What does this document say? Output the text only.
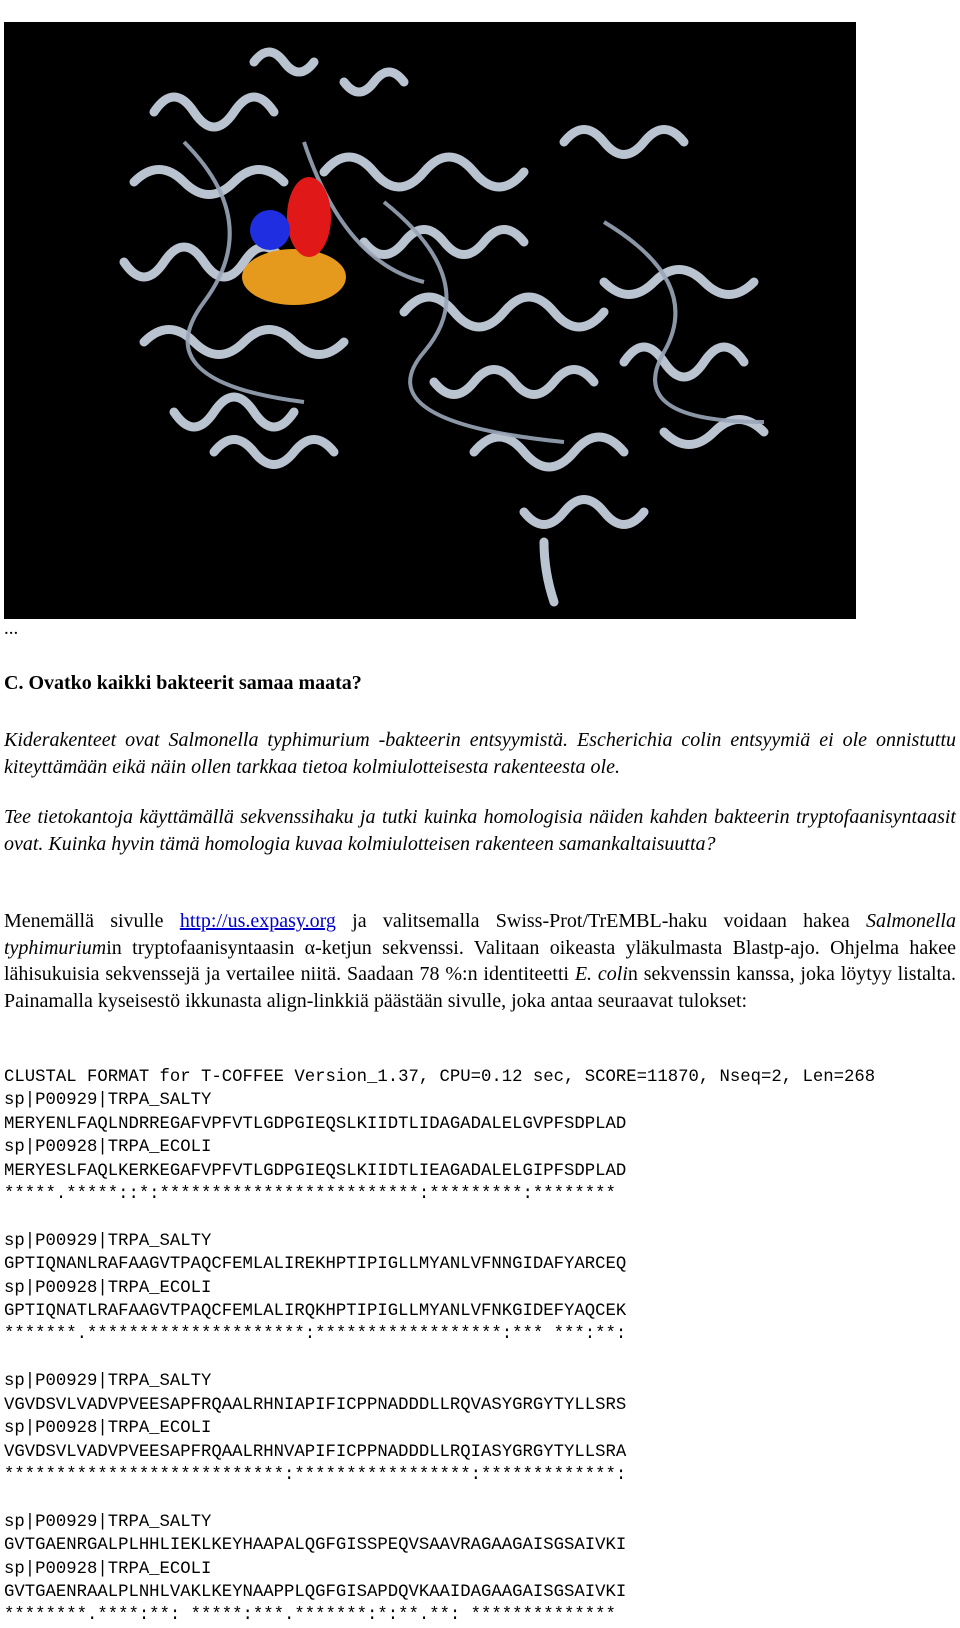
...
C. Ovatko kaikki bakteerit samaa maata?

Kiderakenteet ovat Salmonella typhimurium -bakteerin entsyymistä. Escherichia colin entsyymiä ei ole onnistuttu kiteyttämään eikä näin ollen tarkkaa tietoa kolmiulotteisesta rakenteesta ole.

Tee tietokantoja käyttämällä sekvenssihaku ja tutki kuinka homologisia näiden kahden bakteerin tryptofaanisyntaasit ovat. Kuinka hyvin tämä homologia kuvaa kolmiulotteisen rakenteen samankaltaisuutta?

Menemällä sivulle http://us.expasy.org ja valitsemalla Swiss-Prot/TrEMBL-haku voidaan hakea Salmonella typhimuriumin tryptofaanisyntaasin α-ketjun sekvenssi. Valitaan oikeasta yläkulmasta Blastp-ajo. Ohjelma hakee lähisukuisia sekvenssejä ja vertailee niitä. Saadaan 78 %:n identiteetti E. colin sekvenssin kanssa, joka löytyy listalta. Painamalla kyseisestö ikkunasta align-linkkiä päästään sivulle, joka antaa seuraavat tulokset:

CLUSTAL FORMAT for T-COFFEE Version_1.37, CPU=0.12 sec, SCORE=11870, Nseq=2, Len=268
sp|P00929|TRPA_SALTY
MERYENLFAQLNDRREGAFVPFVTLGDPGIEQSLKIIDTLIDAGADALELGVPFSDPLAD
sp|P00928|TRPA_ECOLI
MERYESLFAQLKERKEGAFVPFVTLGDPGIEQSLKIIDTLIEAGADALELGIPFSDPLAD
*****.*****::*:*************************:*********:********

sp|P00929|TRPA_SALTY
GPTIQNANLRAFAAGVTPAQCFEMLALIREKHPTIPIGLLMYANLVFNNGIDAFYARCEQ
sp|P00928|TRPA_ECOLI
GPTIQNATLRAFAAGVTPAQCFEMLALIRQKHPTIPIGLLMYANLVFNKGIDEFYAQCEK
*******.*********************:******************:*** ***:**:

sp|P00929|TRPA_SALTY
VGVDSVLVADVPVEESAPFRQAALRHNIAPIFICPPNADDDLLRQVASYGRGYTYLLSRS
sp|P00928|TRPA_ECOLI
VGVDSVLVADVPVEESAPFRQAALRHNVAPIFICPPNADDDLLRQIASYGRGYTYLLSRA
***************************:*****************:*************:

sp|P00929|TRPA_SALTY
GVTGAENRGALPLHHLIEKLKEYHAAPALQGFGISSPEQVSAAVRAGAAGAISGSAIVKI
sp|P00928|TRPA_ECOLI
GVTGAENRAALPLNHLVAKLKEYNAAPPLQGFGISAPDQVKAAIDAGAAGAISGSAIVKI
********.****:**: *****:***.*******:*:**.**: **************
